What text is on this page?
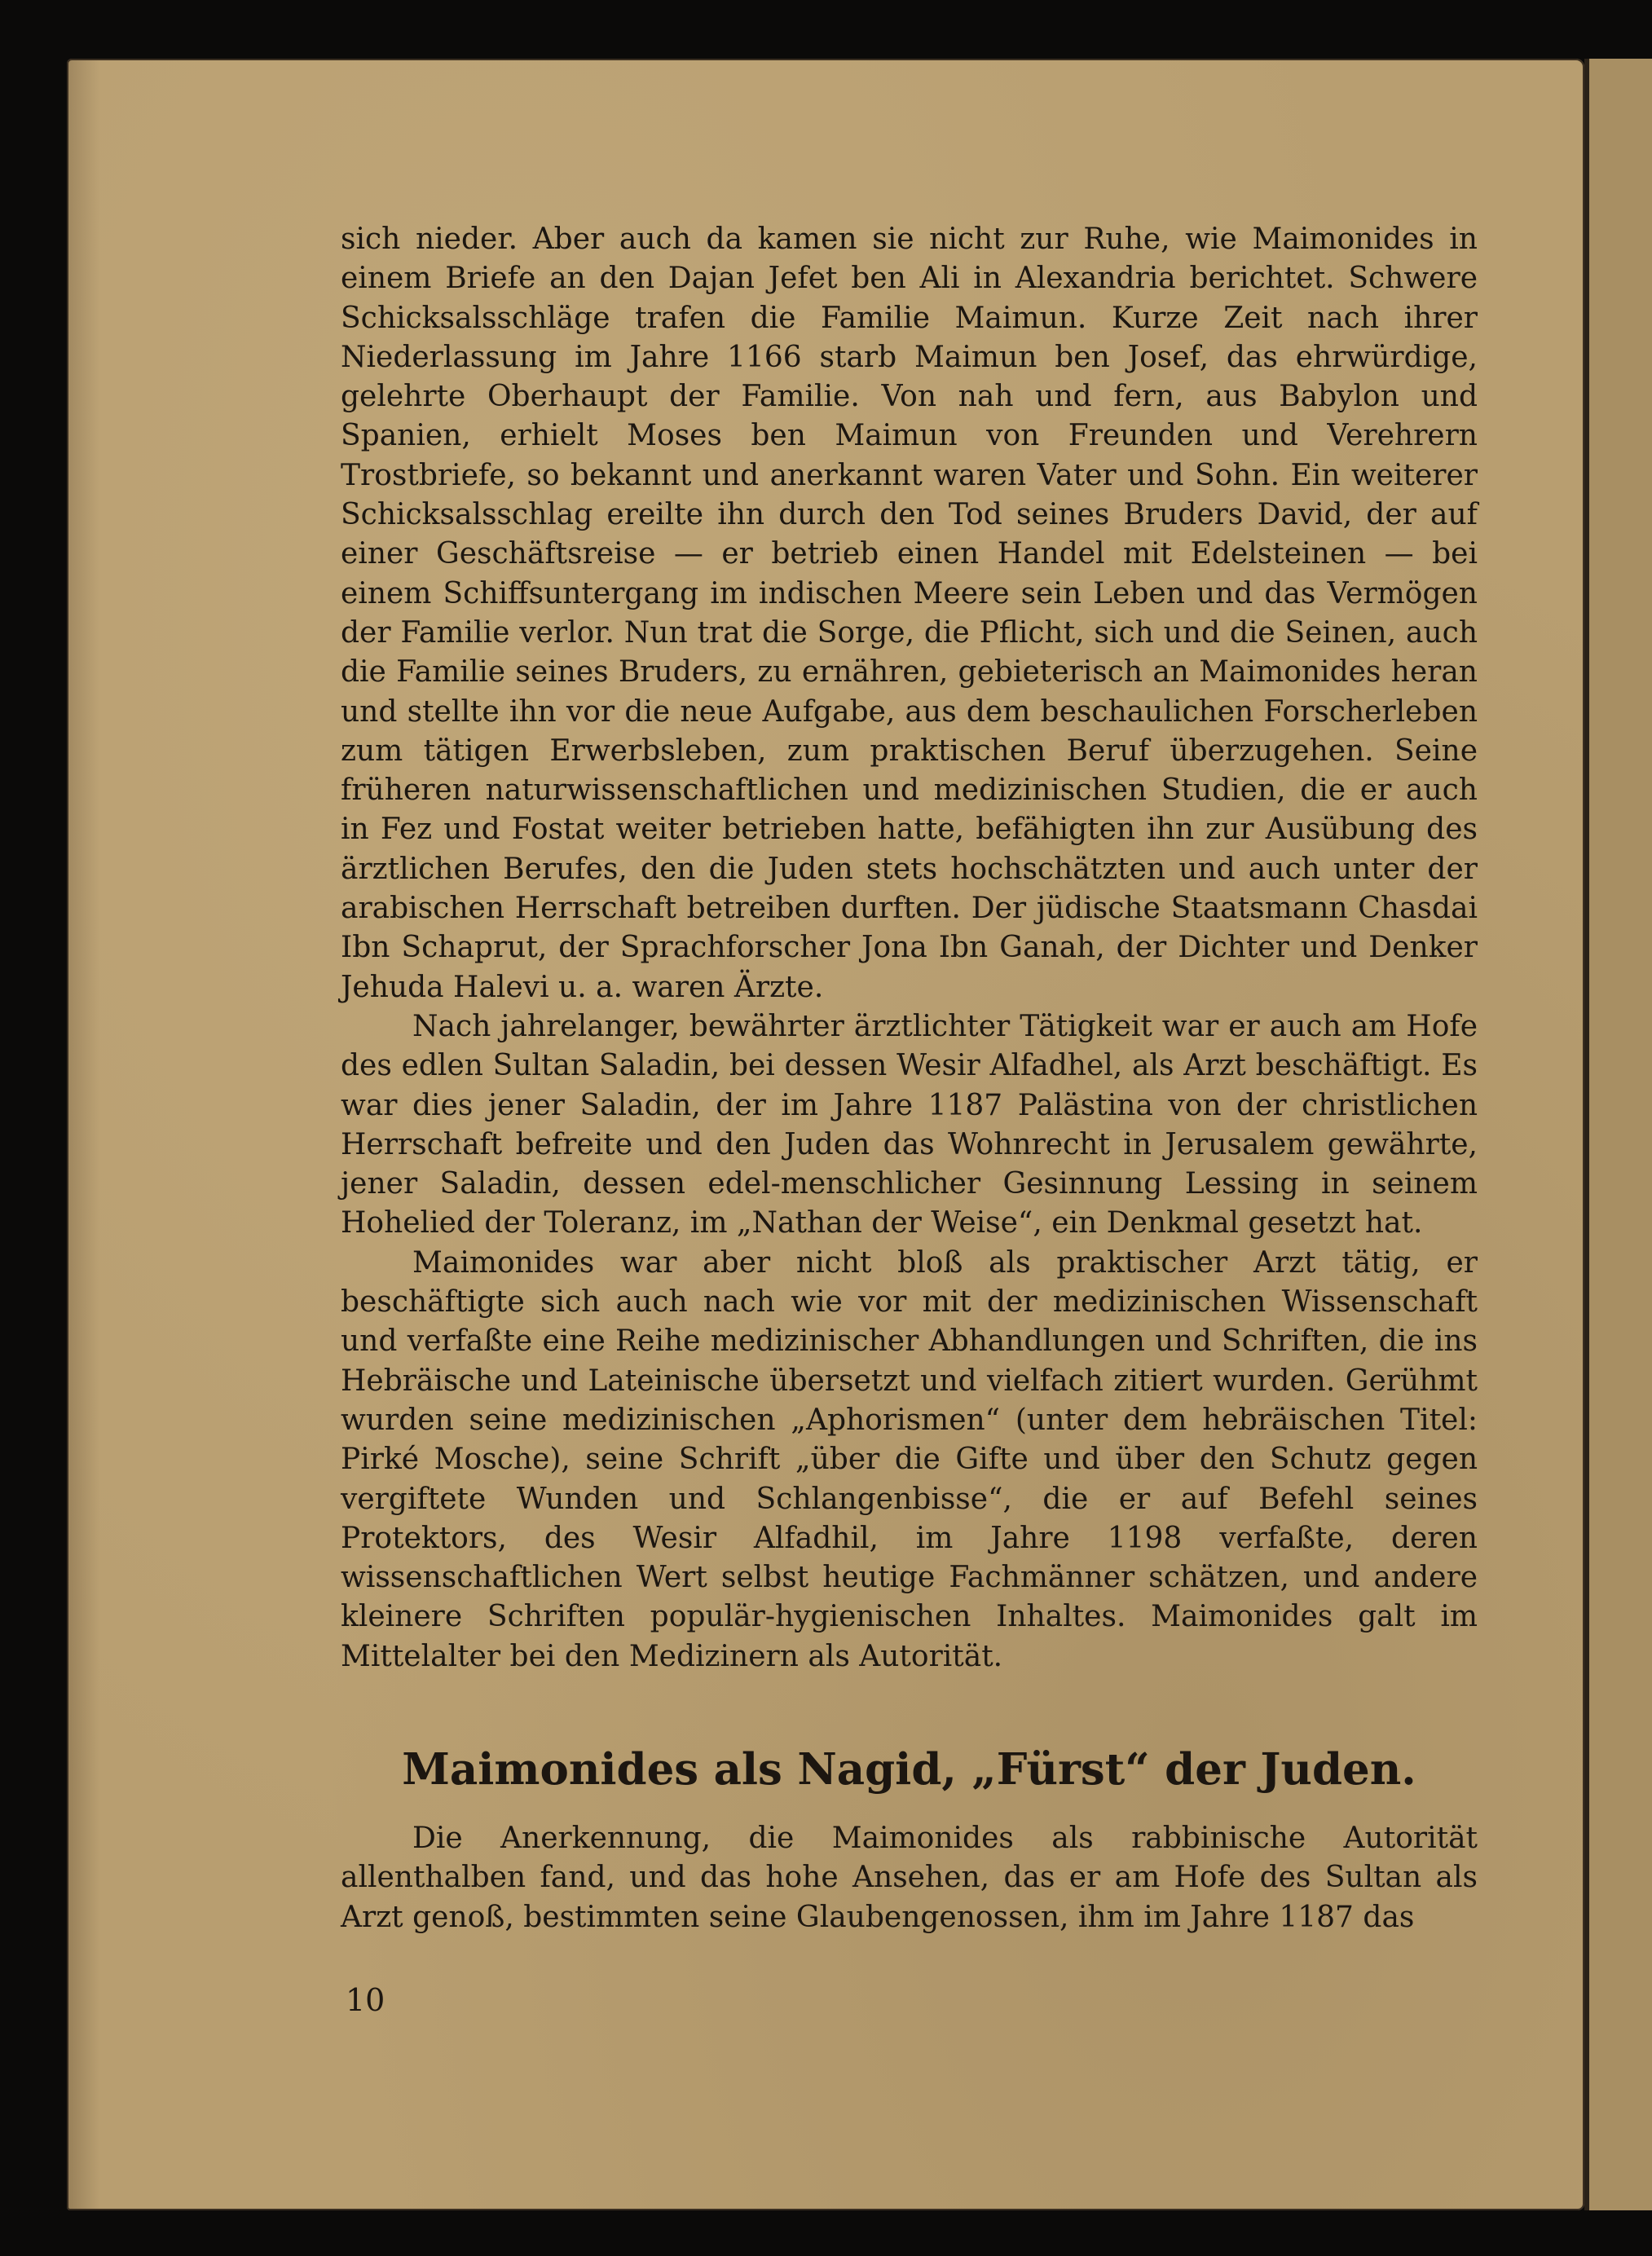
sich nieder. Aber auch da kamen sie nicht zur Ruhe, wie Maimonides in einem Briefe an den Dajan Jefet ben Ali in Alexandria berichtet. Schwere Schicksalsschläge trafen die Familie Maimun. Kurze Zeit nach ihrer Niederlassung im Jahre 1166 starb Maimun ben Josef, das ehrwürdige, gelehrte Oberhaupt der Familie. Von nah und fern, aus Babylon und Spanien, erhielt Moses ben Maimun von Freunden und Verehrern Trostbriefe, so bekannt und anerkannt waren Vater und Sohn. Ein weiterer Schicksalsschlag ereilte ihn durch den Tod seines Bruders David, der auf einer Geschäftsreise — er betrieb einen Handel mit Edelsteinen — bei einem Schiffsuntergang im indischen Meere sein Leben und das Vermögen der Familie verlor. Nun trat die Sorge, die Pflicht, sich und die Seinen, auch die Familie seines Bruders, zu ernähren, gebieterisch an Maimonides heran und stellte ihn vor die neue Aufgabe, aus dem beschaulichen Forscherleben zum tätigen Erwerbsleben, zum praktischen Beruf überzugehen. Seine früheren naturwissenschaftlichen und medizinischen Studien, die er auch in Fez und Fostat weiter betrieben hatte, befähigten ihn zur Ausübung des ärztlichen Berufes, den die Juden stets hochschätzten und auch unter der arabischen Herrschaft betreiben durften. Der jüdische Staatsmann Chasdai Ibn Schaprut, der Sprachforscher Jona Ibn Ganah, der Dichter und Denker Jehuda Halevi u. a. waren Ärzte.

Nach jahrelanger, bewährter ärztlichter Tätigkeit war er auch am Hofe des edlen Sultan Saladin, bei dessen Wesir Alfadhel, als Arzt beschäftigt. Es war dies jener Saladin, der im Jahre 1187 Palästina von der christlichen Herrschaft befreite und den Juden das Wohnrecht in Jerusalem gewährte, jener Saladin, dessen edel-menschlicher Gesinnung Lessing in seinem Hohelied der Toleranz, im „Nathan der Weise“, ein Denkmal gesetzt hat.

Maimonides war aber nicht bloß als praktischer Arzt tätig, er beschäftigte sich auch nach wie vor mit der medizinischen Wissenschaft und verfaßte eine Reihe medizinischer Abhandlungen und Schriften, die ins Hebräische und Lateinische übersetzt und vielfach zitiert wurden. Gerühmt wurden seine medizinischen „Aphorismen“ (unter dem hebräischen Titel: Pirké Mosche), seine Schrift „über die Gifte und über den Schutz gegen vergiftete Wunden und Schlangenbisse“, die er auf Befehl seines Protektors, des Wesir Alfadhil, im Jahre 1198 verfaßte, deren wissenschaftlichen Wert selbst heutige Fachmänner schätzen, und andere kleinere Schriften populär-hygienischen Inhaltes. Maimonides galt im Mittelalter bei den Medizinern als Autorität.

Maimonides als Nagid, „Fürst“ der Juden.

Die Anerkennung, die Maimonides als rabbinische Autorität allenthalben fand, und das hohe Ansehen, das er am Hofe des Sultan als Arzt genoß, bestimmten seine Glaubengenossen, ihm im Jahre 1187 das

10
